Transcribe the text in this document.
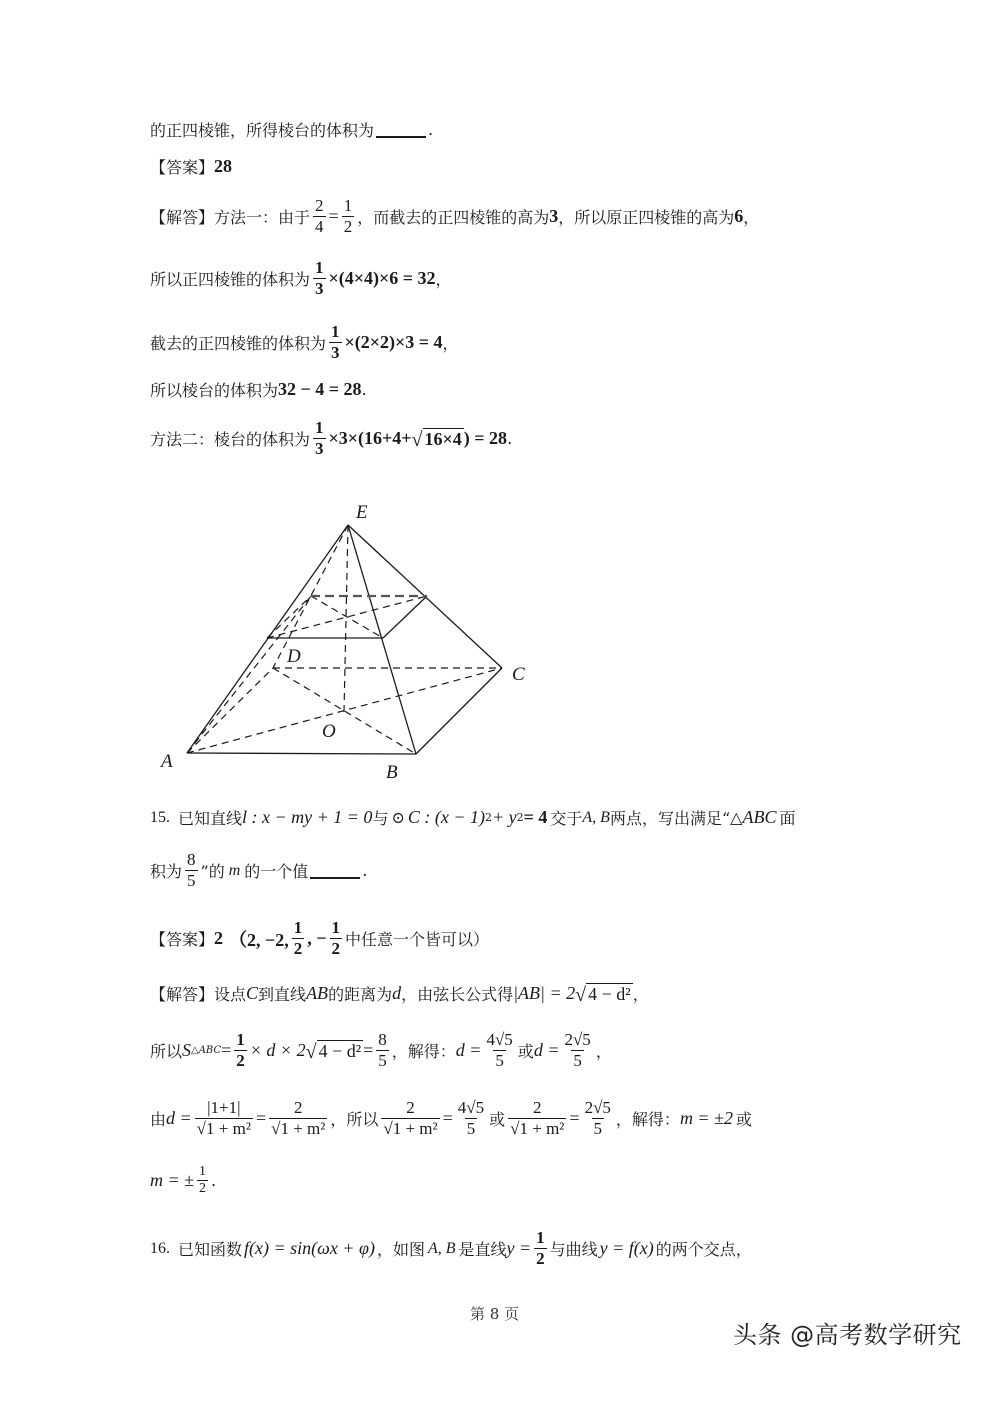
的正四棱锥，所得棱台的体积为	.
【答案】 28
【解答】 方法一：由于 $\frac{2}{4} = \frac{1}{2}$ ，而截去的正四棱锥的高为 3 ，所以原正四棱锥的高为 6 ，
所以正四棱锥的体积为 $\frac{1}{3} \times(4\times 4)\times 6 = 32$ ，
截去的正四棱锥的体积为 $\frac{1}{3} \times(2\times 2)\times 3 = 4$ ，
所以棱台的体积为 32 − 4 = 28 .
方法二：棱台的体积为 $\frac{1}{3} \times 3\times(16+4+$ √ 16×4 ) = 28 .
E
D
C
O
A
B
15. 已知直线 l : x − my + 1 = 0 与 ⊙ C : (x − 1) 2 + y 2 = 4 交于 A, B 两点，写出满足“ △ ABC 面
积为 $\frac{8}{5}$ ”的 m 的一个值	.
【答案】 2 （2, −2, $\frac{1}{2}$ , − $\frac{1}{2}$ 中任意一个皆可以）
【解答】 设点 C 到直线 AB 的距离为 d ，由弦长公式得 |AB| = 2 √ 4 − d² ，
所以 S △ABC = $\frac{1}{2} \times d \times 2$ √ $4 - d^2 = \frac{8}{5}$ ，解得： $d = \frac{4√5}{5}$ 或 $d = \frac{2√5}{5}$ ，
由 $d = \frac{|1+1|}{\text{√1 + m²}} = \frac{2}{\text{√1 + m²}}$ ，所以 $\frac{2}{\text{√1 + m²}} = \frac{4√5}{5}$ 或 $\frac{2}{\text{√1 + m²}} = \frac{2√5}{5}$ ，解得： m = ±2 或
m = ± $\frac{1}{2}$ .
16. 已知函数 f(x) = sin(ωx + φ) ，如图 A, B 是直线 $y = \frac{1}{2}$ 与曲线 y = f(x) 的两个交点，
第 8 页
头条 @高考数学研究
